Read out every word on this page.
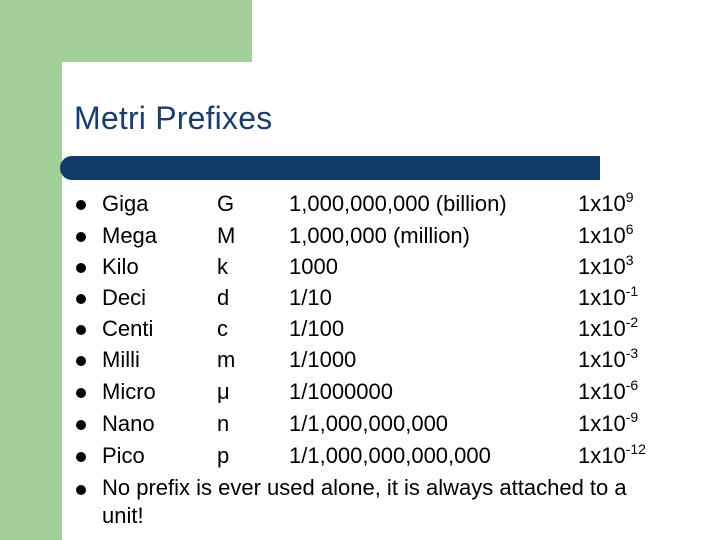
Metri Prefixes
Giga	G 1,000,000,000 (billion)	$1x10^9$
Mega	M 1,000,000 (million)	$1x10^6$
Kilo	k	1000	$1x10^3$
Deci	d	1/10	$1x10^{-1}$
Centi	c	1/100	$1x10^{-2}$
Milli	m 1/1000	$1x10^{-3}$
Micro	μ	1/1000000	$1x10^{-6}$
Nano	n	1/1,000,000,000	$1x10^{-9}$
Pico	p	1/1,000,000,000,000	$1x10^{-12}$
No prefix is ever used alone, it is always attached to a unit!
